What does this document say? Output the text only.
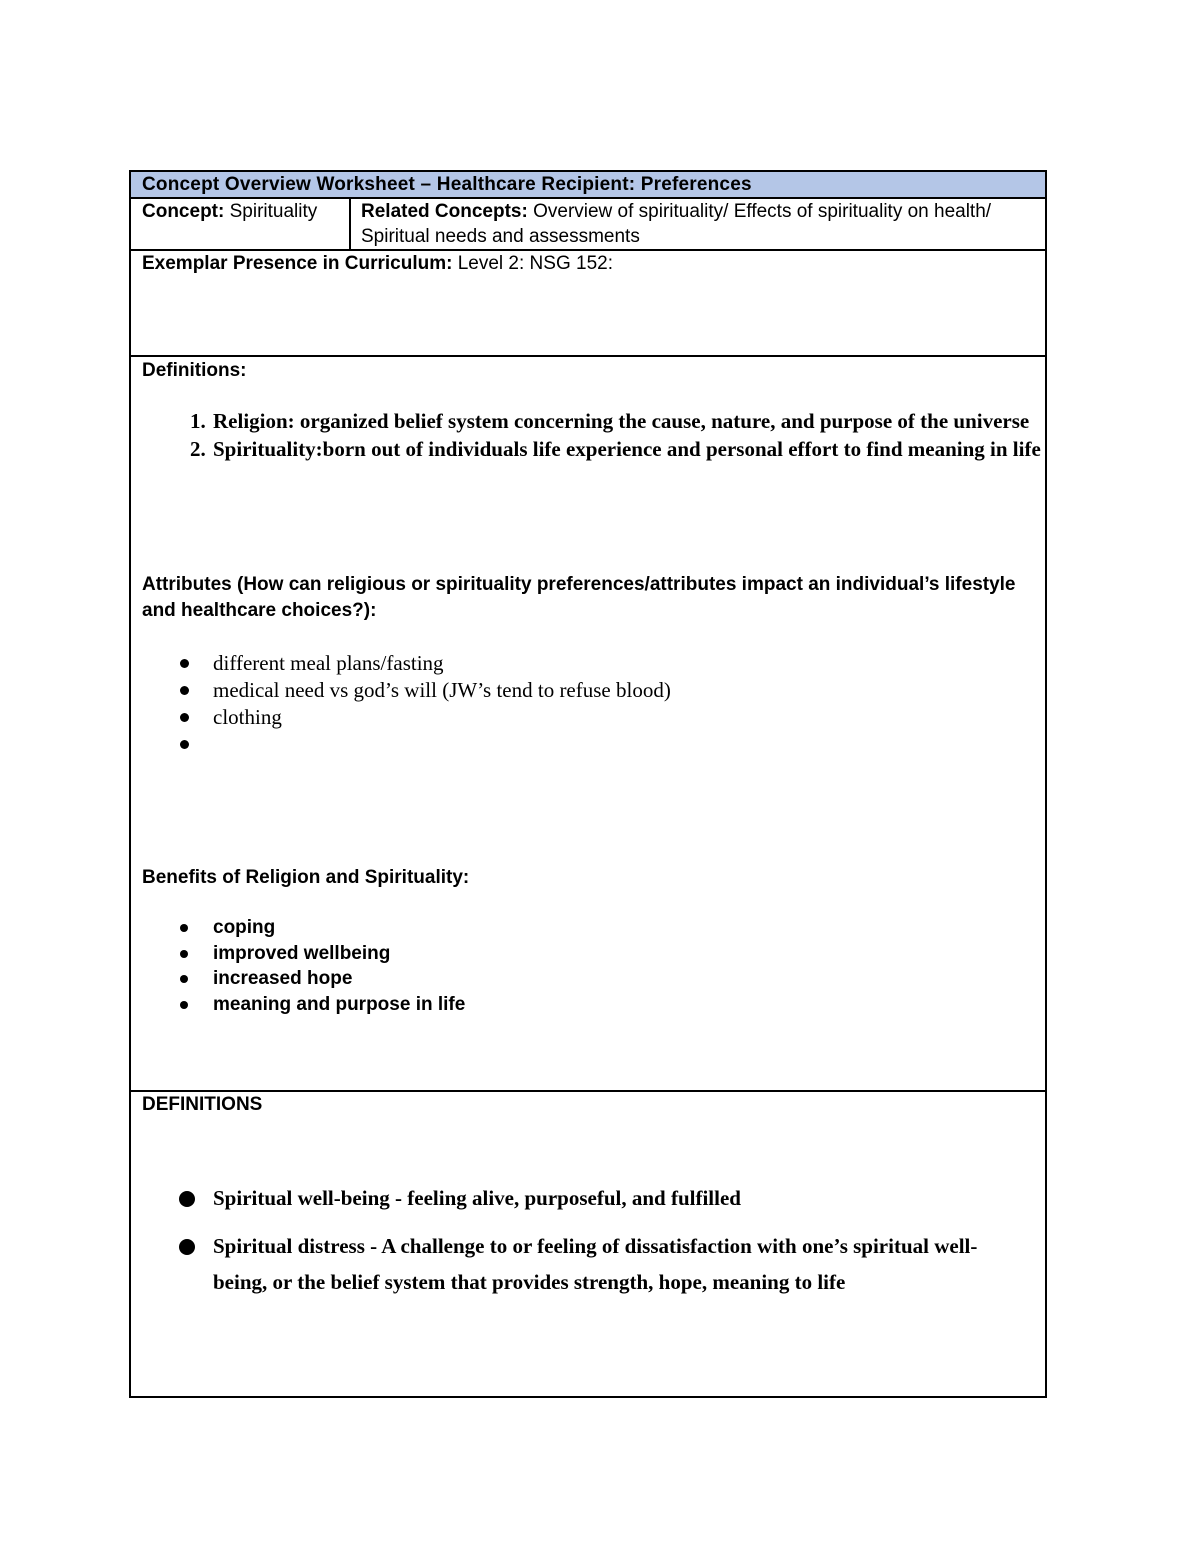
Concept Overview Worksheet – Healthcare Recipient: Preferences
Concept: Spirituality	Related Concepts: Overview of spirituality/ Effects of spirituality on health/ Spiritual needs and assessments
Exemplar Presence in Curriculum: Level 2: NSG 152:
Definitions:
1. Religion: organized belief system concerning the cause, nature, and purpose of the universe
2. Spirituality:born out of individuals life experience and personal effort to find meaning in life
Attributes (How can religious or spirituality preferences/attributes impact an individual’s lifestyle and healthcare choices?):
different meal plans/fasting
medical need vs god’s will (JW’s tend to refuse blood)
clothing
Benefits of Religion and Spirituality:
coping
improved wellbeing
increased hope
meaning and purpose in life
DEFINITIONS
Spiritual well-being - feeling alive, purposeful, and fulfilled
Spiritual distress - A challenge to or feeling of dissatisfaction with one’s spiritual well-being, or the belief system that provides strength, hope, meaning to life
